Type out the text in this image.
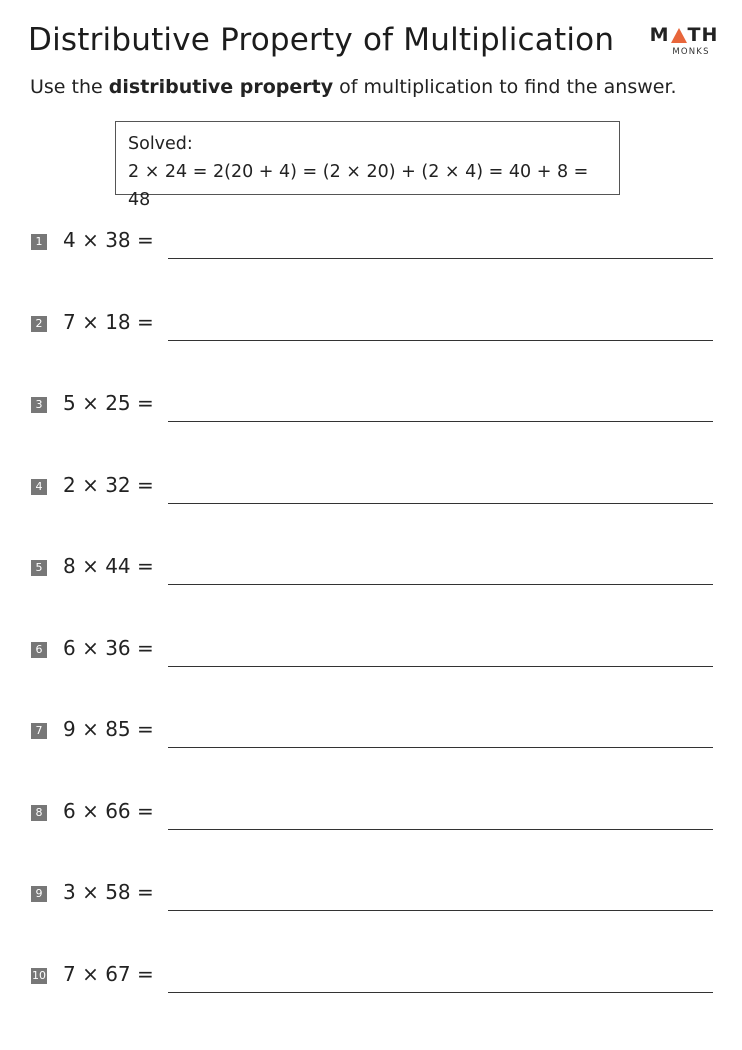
Distributive Property of Multiplication M TH
MONKS
Use the distributive property of multiplication to find the answer.
Solved:
2 × 24 = 2(20 + 4) = (2 × 20) + (2 × 4) = 40 + 8 = 48
1 4 × 38 =
2 7 × 18 =
3 5 × 25 =
4 2 × 32 =
5 8 × 44 =
6 6 × 36 =
7 9 × 85 =
8 6 × 66 =
9 3 × 58 =
10 7 × 67 =
